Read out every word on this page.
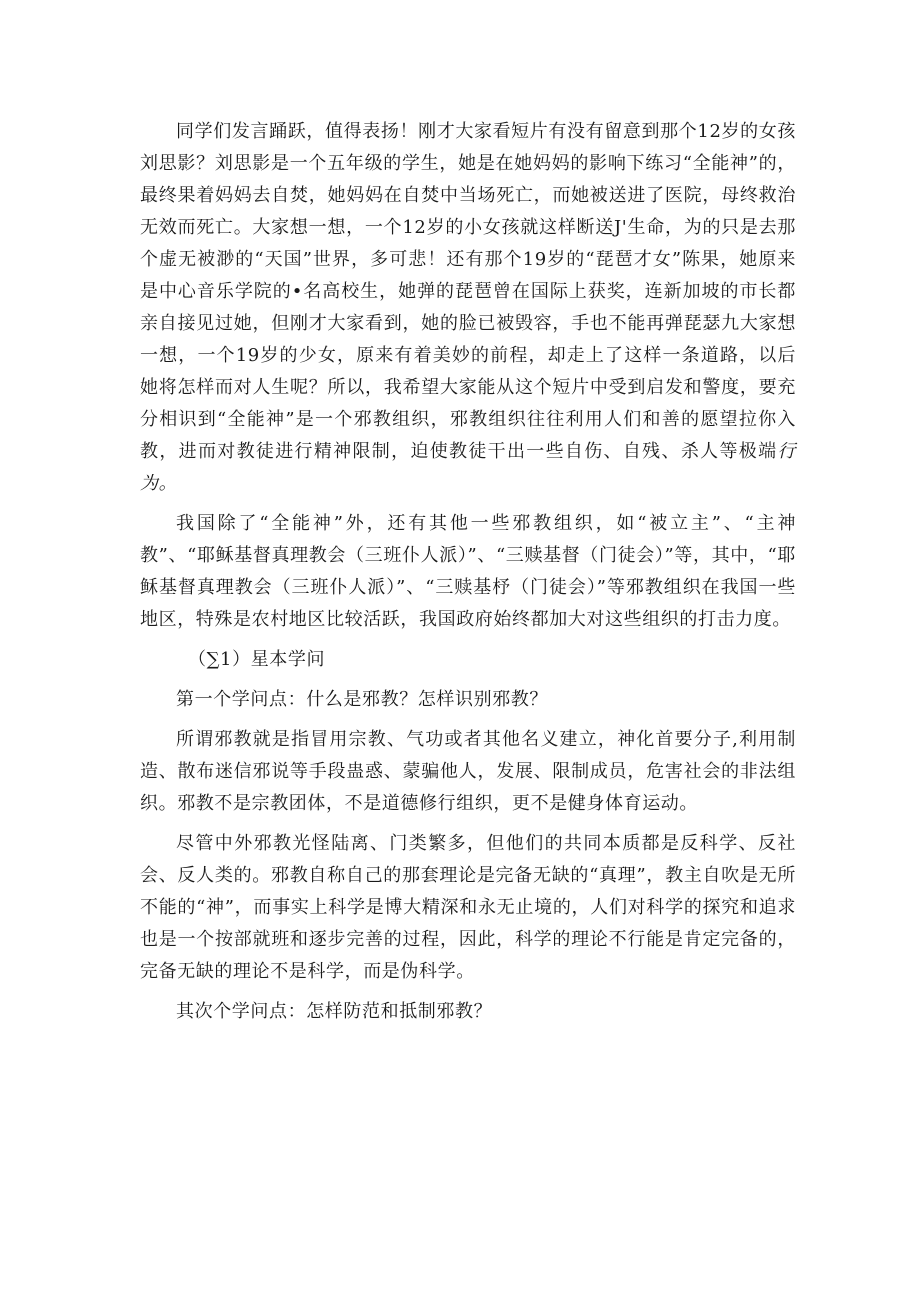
同学们发言踊跃，值得表扬！刚才大家看短片有没有留意到那个12岁的女孩刘思影？刘思影是一个五年级的学生，她是在她妈妈的影响下练习“全能神”的，最终果着妈妈去自焚，她妈妈在自焚中当场死亡，而她被送进了医院，母终救治无效而死亡。大家想一想，一个12岁的小女孩就这样断送J'生命，为的只是去那个虚无被渺的“天国”世界，多可悲！还有那个19岁的“琵琶才女”陈果，她原来是中心音乐学院的•名高校生，她弹的琵琶曾在国际上获奖，连新加坡的市长都亲自接见过她，但刚才大家看到，她的脸已被毁容，手也不能再弹琵瑟九大家想一想，一个19岁的少女，原来有着美妙的前程，却走上了这样一条道路，以后她将怎样而对人生呢？所以，我希望大家能从这个短片中受到启发和警度，要充分相识到“全能神”是一个邪教组织，邪教组织往往利用人们和善的愿望拉你入教，进而对教徒进行精神限制，迫使教徒干出一些自伤、自残、杀人等极端行为。

我国除了“全能神”外，还有其他一些邪教组织，如“被立主”、“主神教”、“耶稣基督真理教会（三班仆人派）”、“三赎基督（门徒会）”等，其中，“耶稣基督真理教会（三班仆人派）”、“三赎基杼（门徒会）”等邪教组织在我国一些地区，特殊是农村地区比较活跃，我国政府始终都加大对这些组织的打击力度。

（∑1）星本学问

第一个学问点：什么是邪教？怎样识别邪教？

所谓邪教就是指冒用宗教、气功或者其他名义建立，神化首要分子,利用制造、散布迷信邪说等手段蛊惑、蒙骗他人，发展、限制成员，危害社会的非法组织。邪教不是宗教团体，不是道德修行组织，更不是健身体育运动。

尽管中外邪教光怪陆离、门类繁多，但他们的共同本质都是反科学、反社会、反人类的。邪教自称自己的那套理论是完备无缺的“真理”，教主自吹是无所不能的“神”，而事实上科学是博大精深和永无止境的，人们对科学的探究和追求也是一个按部就班和逐步完善的过程，因此，科学的理论不行能是肯定完备的，完备无缺的理论不是科学，而是伪科学。

其次个学问点：怎样防范和抵制邪教？
